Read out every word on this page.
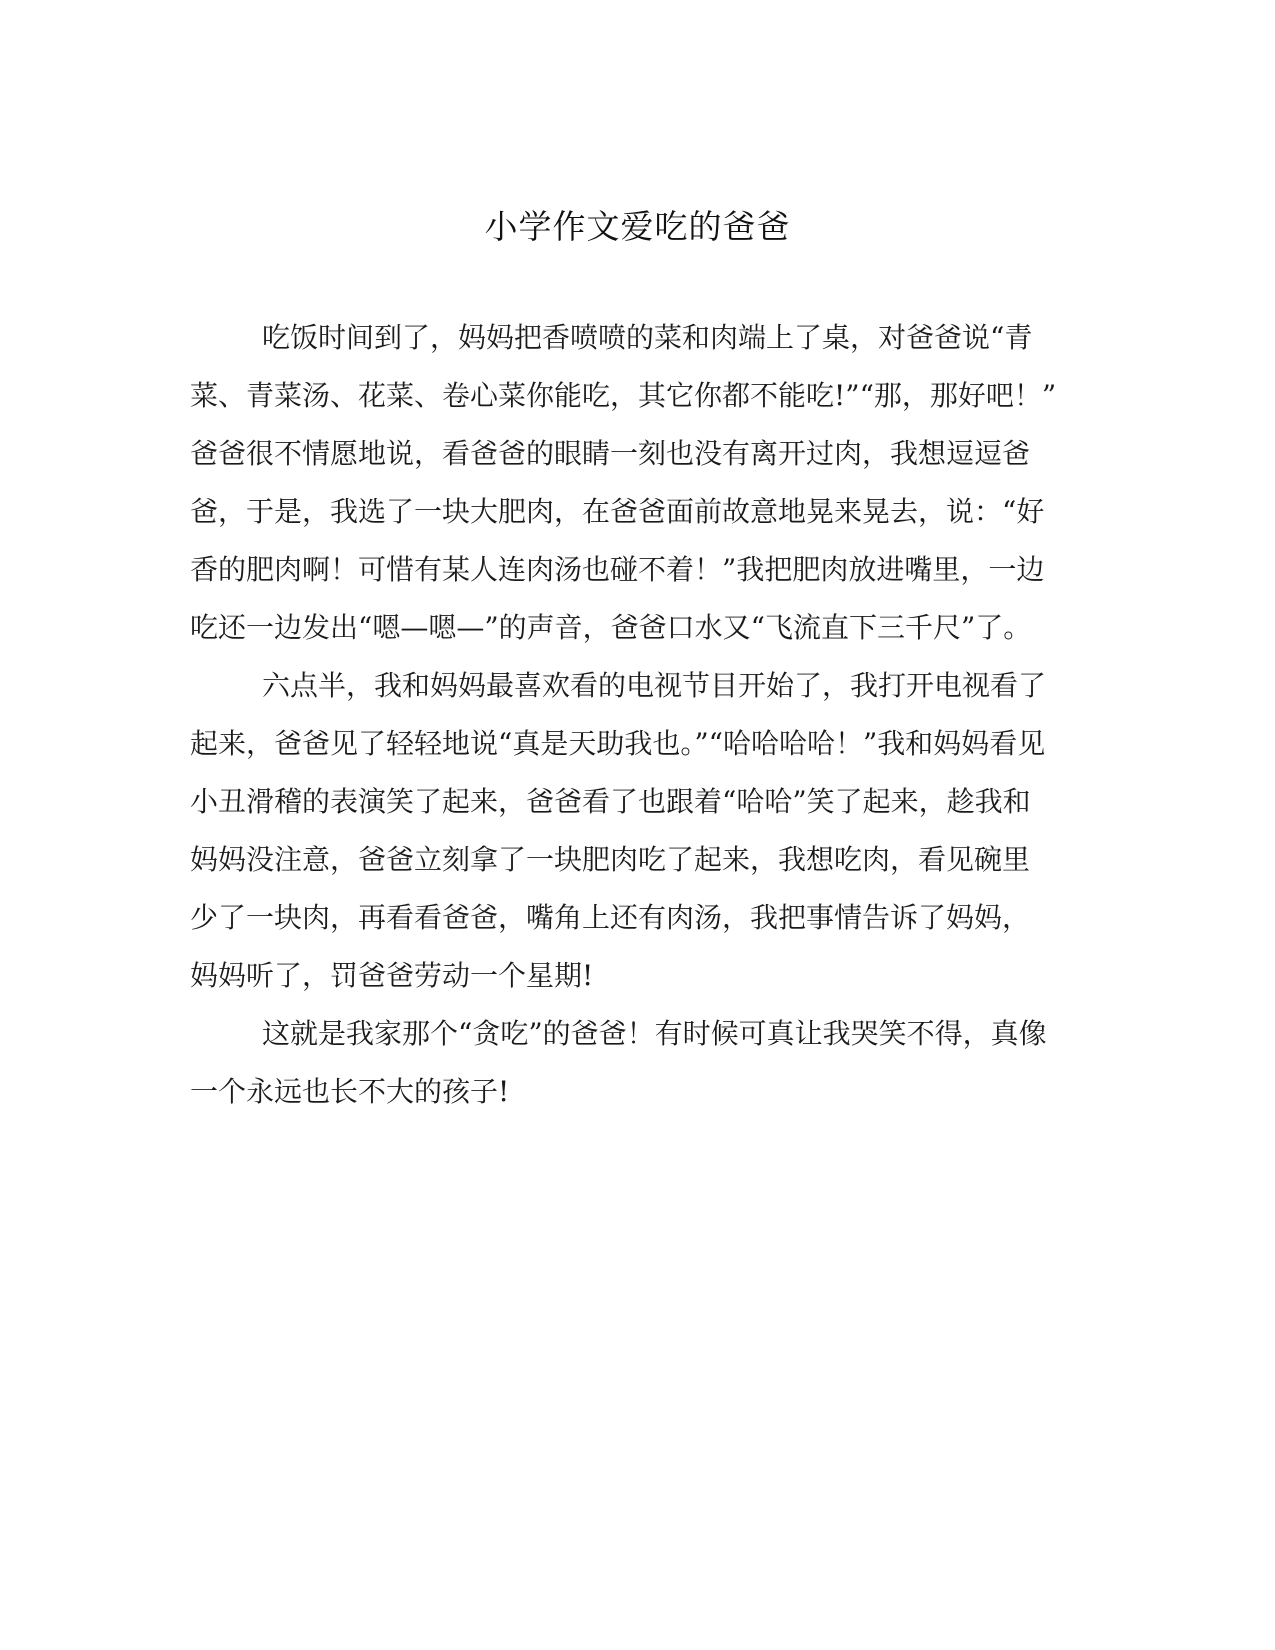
小学作文爱吃的爸爸
吃饭时间到了，妈妈把香喷喷的菜和肉端上了桌，对爸爸说“青
菜、青菜汤、花菜、卷心菜你能吃，其它你都不能吃!”“那，那好吧！”
爸爸很不情愿地说，看爸爸的眼睛一刻也没有离开过肉，我想逗逗爸
爸，于是，我选了一块大肥肉，在爸爸面前故意地晃来晃去，说：“好
香的肥肉啊！可惜有某人连肉汤也碰不着！”我把肥肉放进嘴里，一边
吃还一边发出“嗯—嗯—”的声音，爸爸口水又“飞流直下三千尺”了。
六点半，我和妈妈最喜欢看的电视节目开始了，我打开电视看了
起来，爸爸见了轻轻地说“真是天助我也。”“哈哈哈哈！”我和妈妈看见
小丑滑稽的表演笑了起来，爸爸看了也跟着“哈哈”笑了起来，趁我和
妈妈没注意，爸爸立刻拿了一块肥肉吃了起来，我想吃肉，看见碗里
少了一块肉，再看看爸爸，嘴角上还有肉汤，我把事情告诉了妈妈，
妈妈听了，罚爸爸劳动一个星期!
这就是我家那个“贪吃”的爸爸！有时候可真让我哭笑不得，真像
一个永远也长不大的孩子!
